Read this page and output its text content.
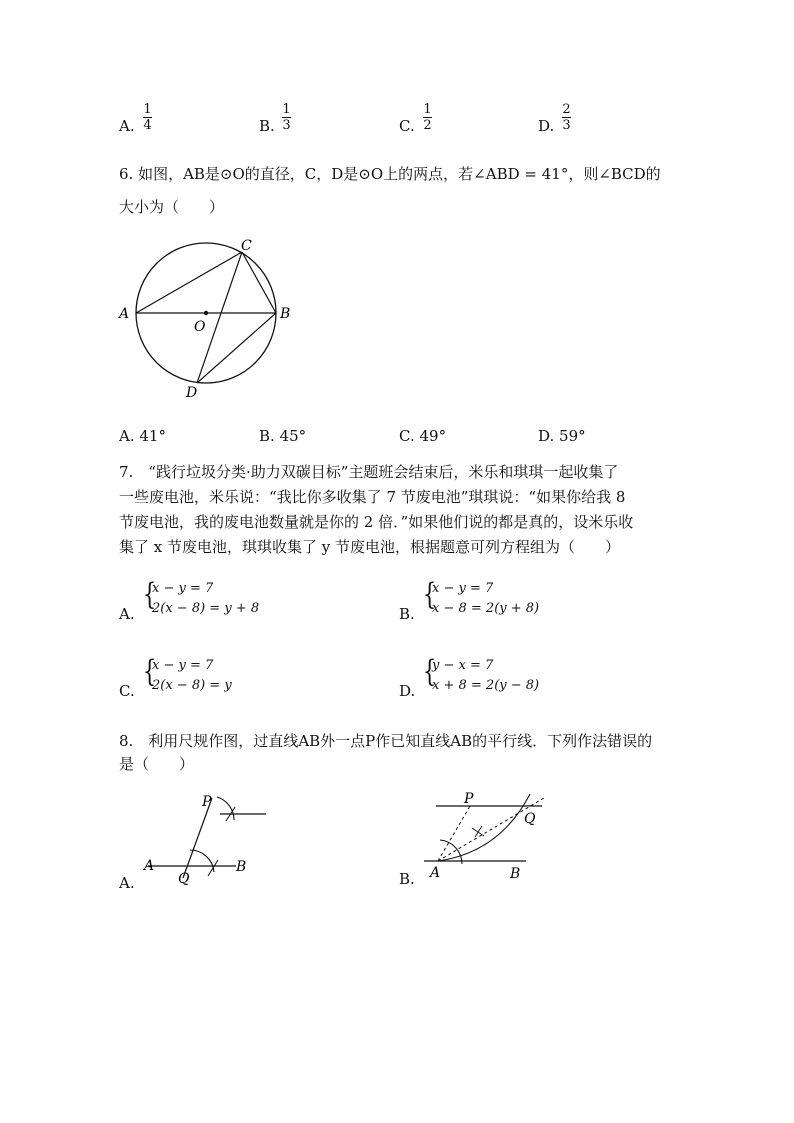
A.
1
4	B.
1
3	C.
1
2	D.
2
3
6. 如图，AB是⊙O的直径，C，D是⊙O上的两点，若∠ABD = 41°，则∠BCD的
大小为（　　）
A	B
C
D
O
A. 41°	B. 45°	C. 49°	D. 59°
7.　“践行垃圾分类·助力双碳目标”主题班会结束后，米乐和琪琪一起收集了
一些废电池，米乐说：“我比你多收集了 7 节废电池”琪琪说：“如果你给我 8
节废电池，我的废电池数量就是你的 2 倍．”如果他们说的都是真的，设米乐收
集了 x 节废电池，琪琪收集了 y 节废电池，根据题意可列方程组为（　　）
A.
{
x − y = 7
2(x − 8) = y + 8	B.
{
x − y = 7
x − 8 = 2(y + 8)
C.
{
x − y = 7
2(x − 8) = y	D.
{
y − x = 7
x + 8 = 2(y − 8)
8.　利用尺规作图，过直线AB外一点P作已知直线AB的平行线．下列作法错误的
是（　　）
A.
P
A	B
Q	B.
P
Q
A	B
